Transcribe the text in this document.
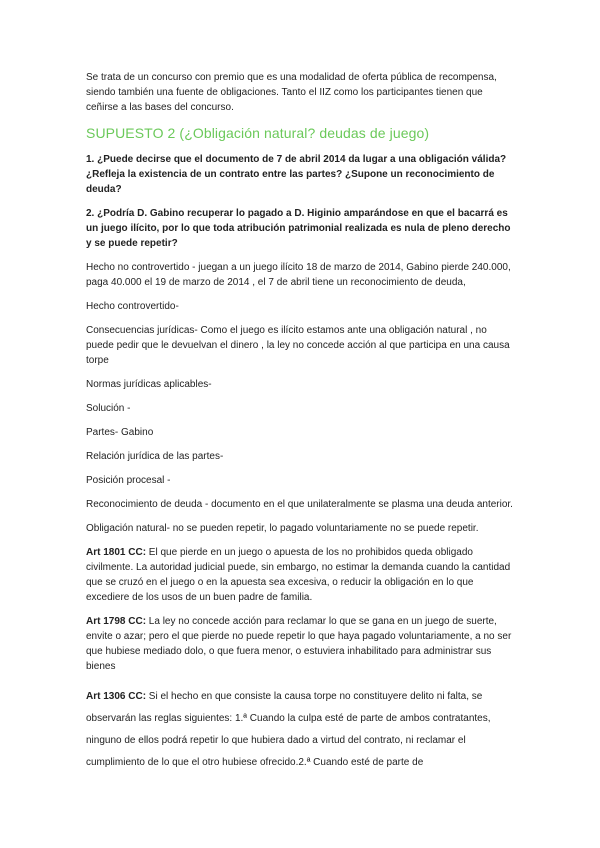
Se trata de un concurso con premio que es una modalidad de oferta pública de recompensa, siendo también una fuente de obligaciones. Tanto el IIZ como los participantes tienen que ceñirse a las bases del concurso.

SUPUESTO 2 (¿Obligación natural? deudas de juego)

1. ¿Puede decirse que el documento de 7 de abril 2014 da lugar a una obligación válida? ¿Refleja la existencia de un contrato entre las partes? ¿Supone un reconocimiento de deuda?

2. ¿Podría D. Gabino recuperar lo pagado a D. Higinio amparándose en que el bacarrá es un juego ilícito, por lo que toda atribución patrimonial realizada es nula de pleno derecho y se puede repetir?

Hecho no controvertido - juegan a un juego ilícito 18 de marzo de 2014, Gabino pierde 240.000, paga 40.000 el 19 de marzo de 2014 , el 7 de abril tiene un reconocimiento de deuda,

Hecho controvertido-

Consecuencias jurídicas- Como el juego es ilícito estamos ante una obligación natural , no puede pedir que le devuelvan el dinero , la ley no concede acción al que participa en una causa torpe

Normas jurídicas aplicables-

Solución -

Partes- Gabino

Relación jurídica de las partes-

Posición procesal -

Reconocimiento de deuda - documento en el que unilateralmente se plasma una deuda anterior.

Obligación natural- no se pueden repetir, lo pagado voluntariamente no se puede repetir.

Art 1801 CC: El que pierde en un juego o apuesta de los no prohibidos queda obligado civilmente. La autoridad judicial puede, sin embargo, no estimar la demanda cuando la cantidad que se cruzó en el juego o en la apuesta sea excesiva, o reducir la obligación en lo que excediere de los usos de un buen padre de familia.

Art 1798 CC: La ley no concede acción para reclamar lo que se gana en un juego de suerte, envite o azar; pero el que pierde no puede repetir lo que haya pagado voluntariamente, a no ser que hubiese mediado dolo, o que fuera menor, o estuviera inhabilitado para administrar sus bienes

Art 1306 CC: Si el hecho en que consiste la causa torpe no constituyere delito ni falta, se observarán las reglas siguientes: 1.ª Cuando la culpa esté de parte de ambos contratantes, ninguno de ellos podrá repetir lo que hubiera dado a virtud del contrato, ni reclamar el cumplimiento de lo que el otro hubiese ofrecido.2.ª Cuando esté de parte de
